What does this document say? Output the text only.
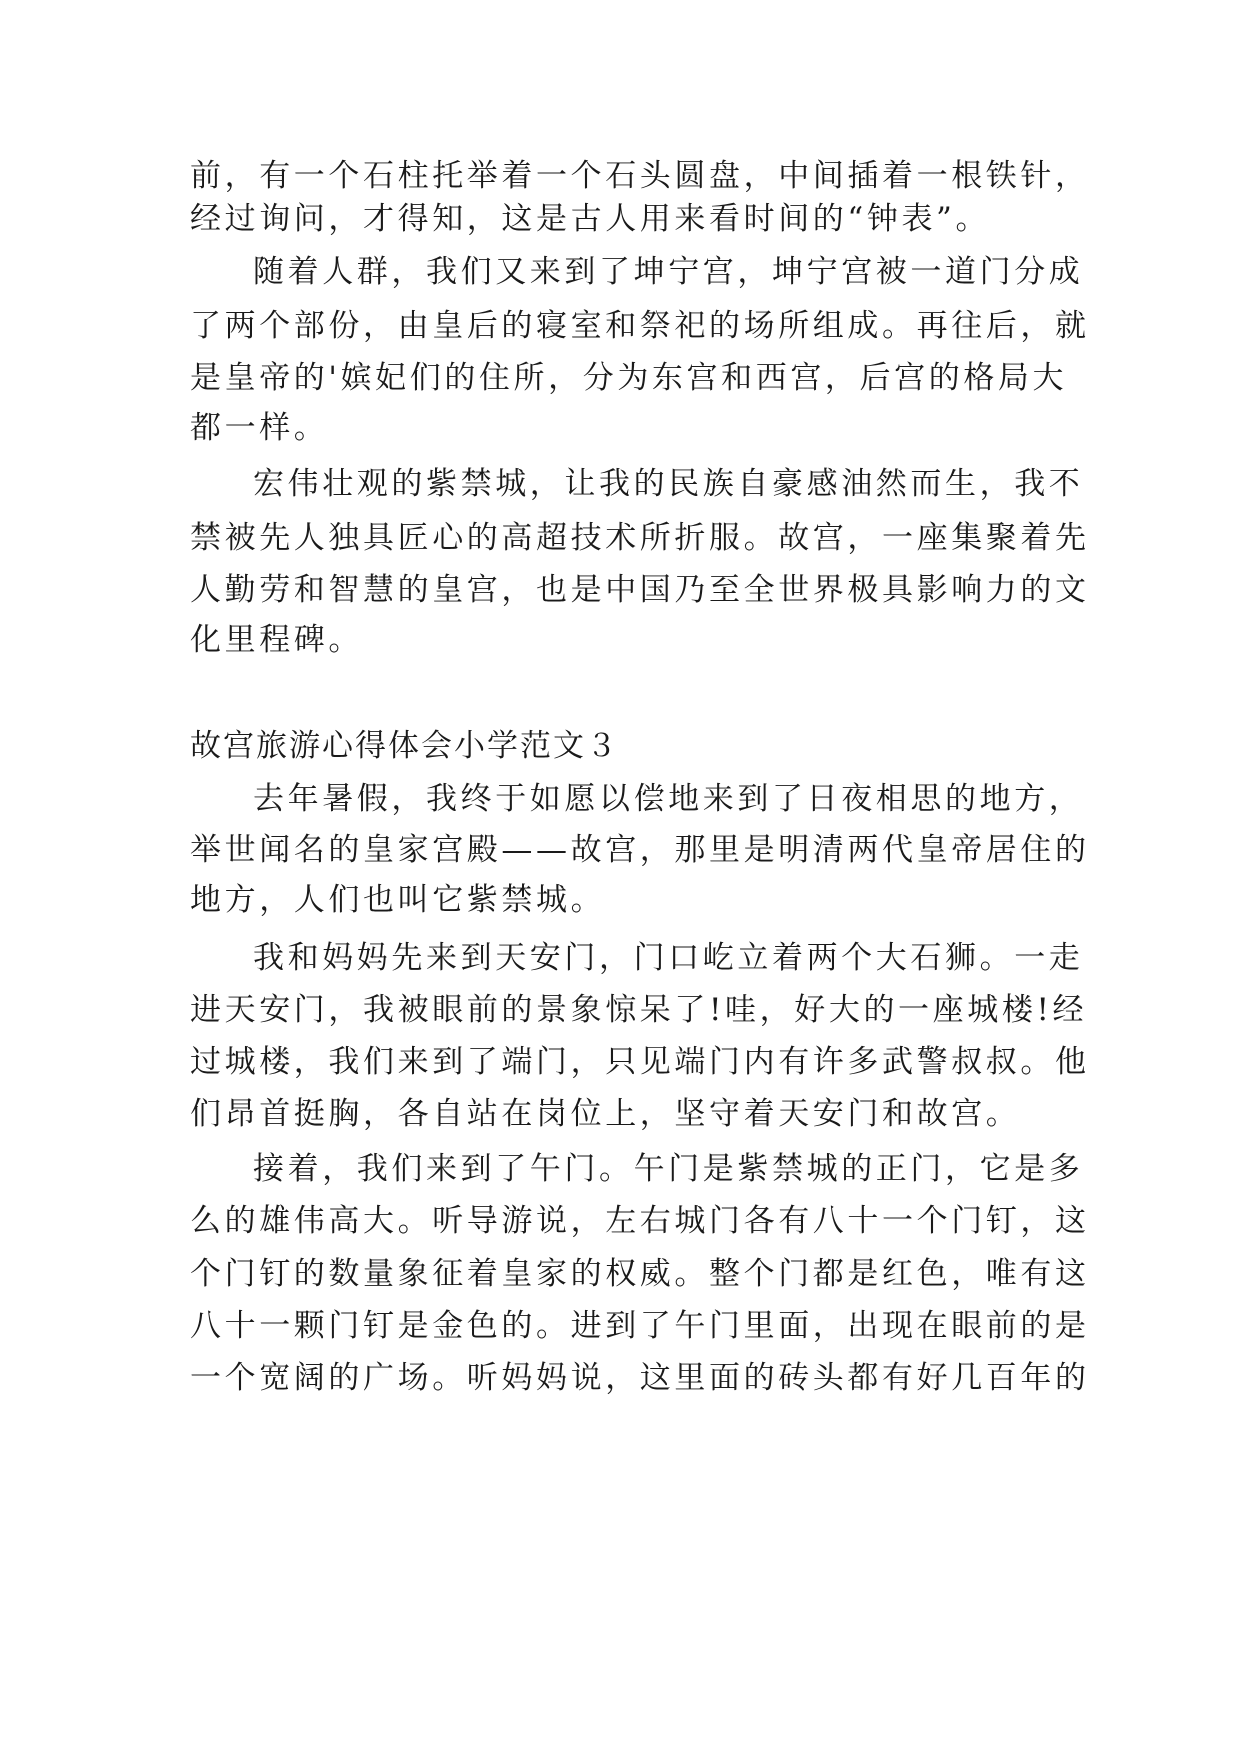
前，有一个石柱托举着一个石头圆盘，中间插着一根铁针，
经过询问，才得知，这是古人用来看时间的“钟表”。
随着人群，我们又来到了坤宁宫，坤宁宫被一道门分成
了两个部份，由皇后的寝室和祭祀的场所组成。再往后，就
是皇帝的'嫔妃们的住所，分为东宫和西宫，后宫的格局大
都一样。
宏伟壮观的紫禁城，让我的民族自豪感油然而生，我不
禁被先人独具匠心的高超技术所折服。故宫，一座集聚着先
人勤劳和智慧的皇宫，也是中国乃至全世界极具影响力的文
化里程碑。
故宫旅游心得体会小学范文３
去年暑假，我终于如愿以偿地来到了日夜相思的地方，
举世闻名的皇家宫殿——故宫，那里是明清两代皇帝居住的
地方，人们也叫它紫禁城。
我和妈妈先来到天安门，门口屹立着两个大石狮。一走
进天安门，我被眼前的景象惊呆了!哇，好大的一座城楼!经
过城楼，我们来到了端门，只见端门内有许多武警叔叔。他
们昂首挺胸，各自站在岗位上，坚守着天安门和故宫。
接着，我们来到了午门。午门是紫禁城的正门，它是多
么的雄伟高大。听导游说，左右城门各有八十一个门钉，这
个门钉的数量象征着皇家的权威。整个门都是红色，唯有这
八十一颗门钉是金色的。进到了午门里面，出现在眼前的是
一个宽阔的广场。听妈妈说，这里面的砖头都有好几百年的
